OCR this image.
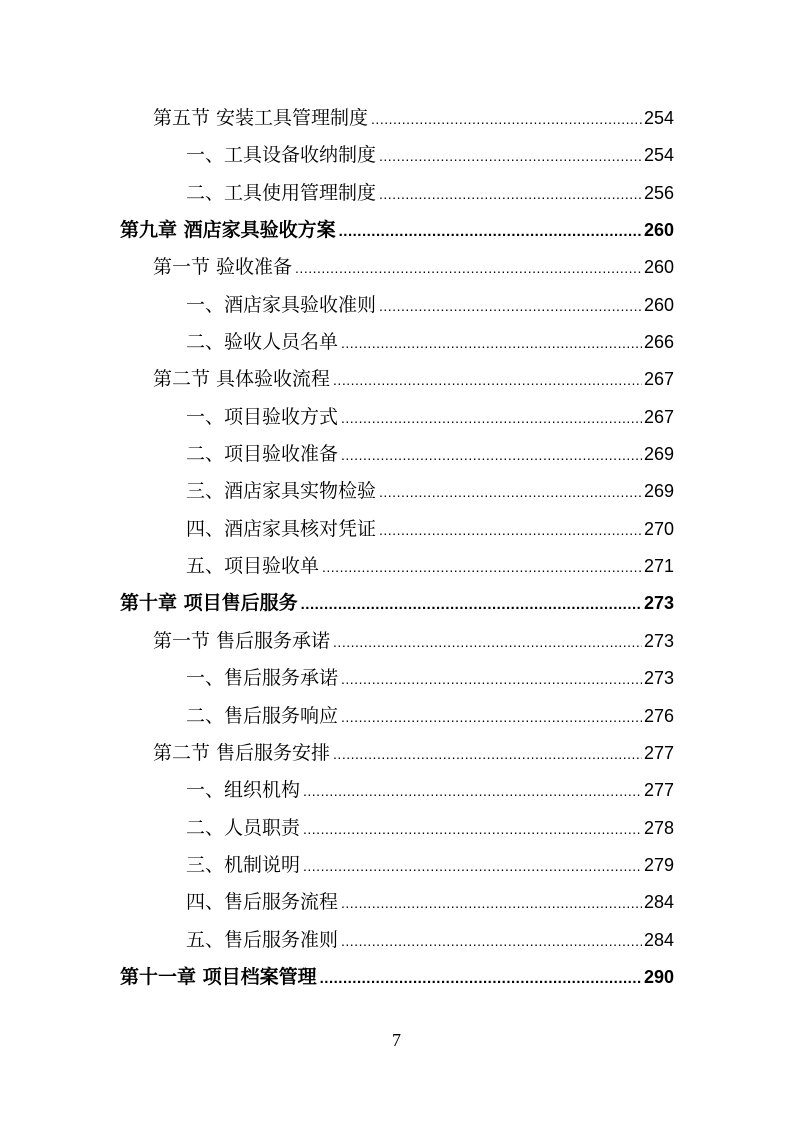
第五节 安装工具管理制度 .....	254
一、工具设备收纳制度 .....	254
二、工具使用管理制度 .....	256
第九章 酒店家具验收方案 .....	260
第一节 验收准备 .....	260
一、酒店家具验收准则 .....	260
二、验收人员名单 .....	266
第二节 具体验收流程 .....	267
一、项目验收方式 .....	267
二、项目验收准备 .....	269
三、酒店家具实物检验 .....	269
四、酒店家具核对凭证 .....	270
五、项目验收单 .....	271
第十章 项目售后服务 .....	273
第一节 售后服务承诺 .....	273
一、售后服务承诺 .....	273
二、售后服务响应 .....	276
第二节 售后服务安排 .....	277
一、组织机构 .....	277
二、人员职责 .....	278
三、机制说明 .....	279
四、售后服务流程 .....	284
五、售后服务准则 .....	284
第十一章 项目档案管理 .....	290
7
